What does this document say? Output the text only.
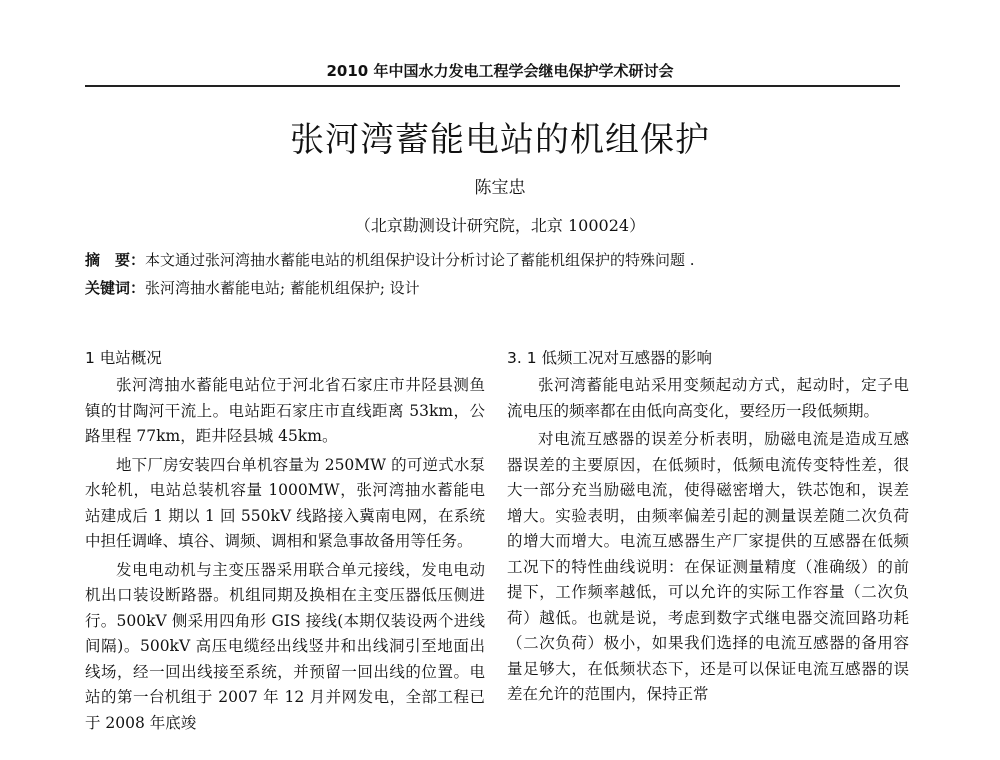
2010 年中国水力发电工程学会继电保护学术研讨会
张河湾蓄能电站的机组保护
陈宝忠
（北京勘测设计研究院，北京 100024）
摘　要：本文通过张河湾抽水蓄能电站的机组保护设计分析讨论了蓄能机组保护的特殊问题 .
关键词：张河湾抽水蓄能电站; 蓄能机组保护; 设计
1 电站概况

张河湾抽水蓄能电站位于河北省石家庄市井陉县测鱼镇的甘陶河干流上。电站距石家庄市直线距离 53km，公路里程 77km，距井陉县城 45km。

地下厂房安装四台单机容量为 250MW 的可逆式水泵水轮机，电站总装机容量 1000MW，张河湾抽水蓄能电站建成后 1 期以 1 回 550kV 线路接入冀南电网，在系统中担任调峰、填谷、调频、调相和紧急事故备用等任务。

发电电动机与主变压器采用联合单元接线，发电电动机出口装设断路器。机组同期及换相在主变压器低压侧进行。500kV 侧采用四角形 GIS 接线(本期仅装设两个进线间隔)。500kV 高压电缆经出线竖井和出线洞引至地面出线场，经一回出线接至系统，并预留一回出线的位置。电站的第一台机组于 2007 年 12 月并网发电，全部工程已于 2008 年底竣

3. 1 低频工况对互感器的影响

张河湾蓄能电站采用变频起动方式，起动时，定子电流电压的频率都在由低向高变化，要经历一段低频期。

对电流互感器的误差分析表明，励磁电流是造成互感器误差的主要原因，在低频时，低频电流传变特性差，很大一部分充当励磁电流，使得磁密增大，铁芯饱和，误差增大。实验表明，由频率偏差引起的测量误差随二次负荷的增大而增大。电流互感器生产厂家提供的互感器在低频工况下的特性曲线说明：在保证测量精度（准确级）的前提下，工作频率越低，可以允许的实际工作容量（二次负荷）越低。也就是说，考虑到数字式继电器交流回路功耗（二次负荷）极小，如果我们选择的电流互感器的备用容量足够大，在低频状态下，还是可以保证电流互感器的误差在允许的范围内，保持正常
